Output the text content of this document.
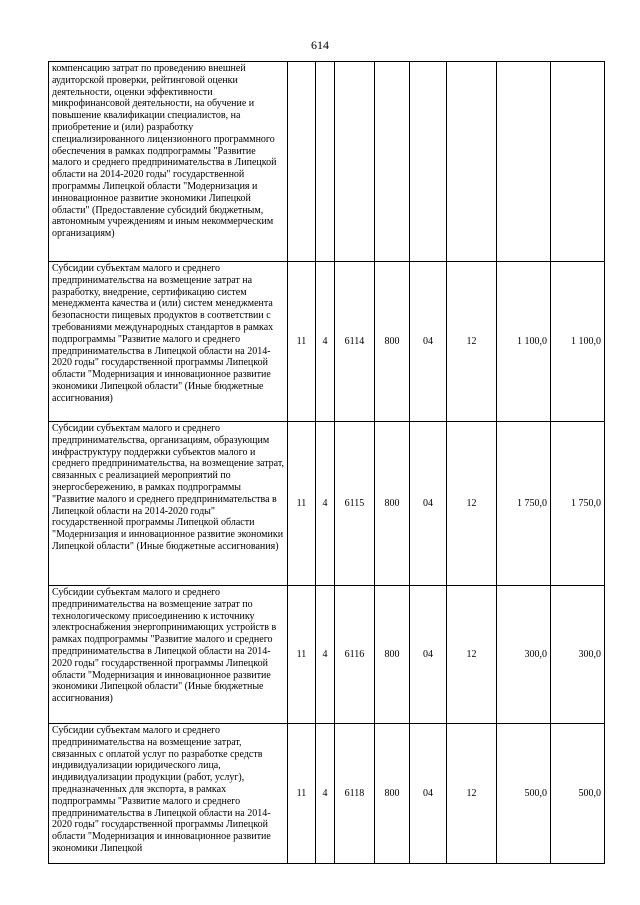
614
компенсацию затрат по проведению внешней аудиторской проверки, рейтинговой оценки деятельности, оценки эффективности микрофинансовой деятельности, на обучение и повышение квалификации специалистов, на приобретение и (или) разработку специализированного лицензионного программного обеспечения в рамках подпрограммы "Развитие малого и среднего предпринимательства в Липецкой области на 2014-2020 годы" государственной программы Липецкой области "Модернизация и инновационное развитие экономики Липецкой области" (Предоставление субсидий бюджетным, автономным учреждениям и иным некоммерческим организациям)								
Субсидии субъектам малого и среднего предпринимательства на возмещение затрат на разработку, внедрение, сертификацию систем менеджмента качества и (или) систем менеджмента безопасности пищевых продуктов в соответствии с требованиями международных стандартов в рамках подпрограммы "Развитие малого и среднего предпринимательства в Липецкой области на 2014-2020 годы" государственной программы Липецкой области "Модернизация и инновационное развитие экономики Липецкой области" (Иные бюджетные ассигнования)	11	4	6114	800	04	12	1 100,0	1 100,0
Субсидии субъектам малого и среднего предпринимательства, организациям, образующим инфраструктуру поддержки субъектов малого и среднего предпринимательства, на возмещение затрат, связанных с реализацией мероприятий по энергосбережению, в рамках подпрограммы "Развитие малого и среднего предпринимательства в Липецкой области на 2014-2020 годы" государственной программы Липецкой области "Модернизация и инновационное развитие экономики Липецкой области" (Иные бюджетные ассигнования)	11	4	6115	800	04	12	1 750,0	1 750,0
Субсидии субъектам малого и среднего предпринимательства на возмещение затрат по технологическому присоединению к источнику электроснабжения энергопринимающих устройств в рамках подпрограммы "Развитие малого и среднего предпринимательства в Липецкой области на 2014-2020 годы" государственной программы Липецкой области "Модернизация и инновационное развитие экономики Липецкой области" (Иные бюджетные ассигнования)	11	4	6116	800	04	12	300,0	300,0
Субсидии субъектам малого и среднего предпринимательства на возмещение затрат, связанных с оплатой услуг по разработке средств индивидуализации юридического лица, индивидуализации продукции (работ, услуг), предназначенных для экспорта, в рамках подпрограммы "Развитие малого и среднего предпринимательства в Липецкой области на 2014-2020 годы" государственной программы Липецкой области "Модернизация и инновационное развитие экономики Липецкой	11	4	6118	800	04	12	500,0	500,0
